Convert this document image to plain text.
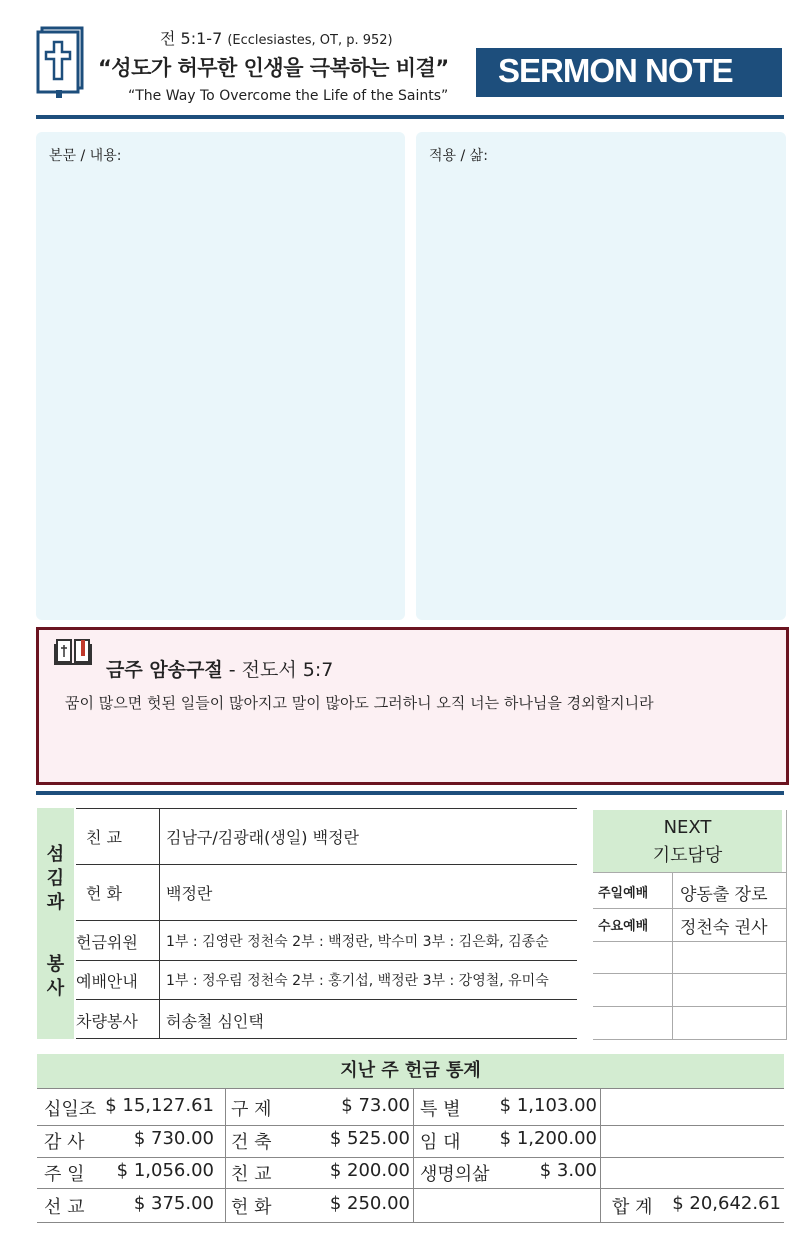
전 5:1-7 (Ecclesiastes, OT, p. 952)
“성도가 허무한 인생을 극복하는 비결”
“The Way To Overcome the Life of the Saints”
SERMON NOTE
본문 / 내용:	적용 / 삶:
금주 암송구절 - 전도서 5:7
꿈이 많으면 헛된 일들이 많아지고 말이 많아도 그러하니 오직 너는 하나님을 경외할지니라
섬
김
과
봉
사
친 교	김남구/김광래(생일) 백정란
헌 화	백정란
헌금위원 1부 : 김영란 정천숙 2부 : 백정란, 박수미 3부 : 김은화, 김종순
예배안내 1부 : 정우림 정천숙 2부 : 홍기섭, 백정란 3부 : 강영철, 유미숙
차량봉사 허송철 심인택
NEXT
기도담당
주일예배 양동출 장로
수요예배 정천숙 권사
지난 주 헌금 통계
십일조 $ 15,127.61 구 제	$ 73.00 특 별 $ 1,103.00
감 사	$ 730.00 건 축	$ 525.00 임 대 $ 1,200.00
주 일 $ 1,056.00 친 교	$ 200.00 생명의삶	$ 3.00
선 교	$ 375.00 헌 화	$ 250.00	합 계 $ 20,642.61
